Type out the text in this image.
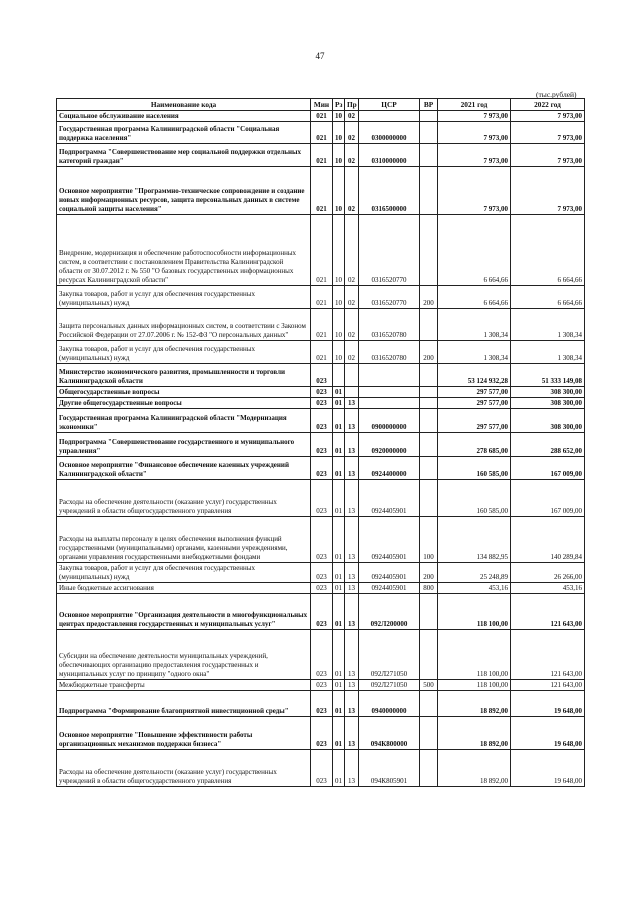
47
(тыс.рублей)
Наименование кода	Мин	Рз	Пр	ЦСР	ВР	2021 год	2022 год
Социальное обслуживание населения	021	10	02			7 973,00	7 973,00
Государственная программа Калининградской области "Социальная поддержка населения"	021	10	02	0300000000		7 973,00	7 973,00
Подпрограмма "Совершенствование мер социальной поддержки отдельных категорий граждан"	021	10	02	0310000000		7 973,00	7 973,00
Основное мероприятие "Программно-техническое сопровождение и создание новых информационных ресурсов, защита персональных данных в системе социальной защиты населения"	021	10	02	0316500000		7 973,00	7 973,00
Внедрение, модернизация и обеспечение работоспособности информационных систем, в соответствии с постановлением Правительства Калининградской области от 30.07.2012 г. № 550 "О базовых государственных информационных ресурсах Калининградской области"	021	10	02	0316520770		6 664,66	6 664,66
Закупка товаров, работ и услуг для обеспечения государственных (муниципальных) нужд	021	10	02	0316520770	200	6 664,66	6 664,66
Защита персональных данных информационных систем, в соответствии с Законом Российской Федерации от 27.07.2006 г. № 152-ФЗ "О персональных данных"	021	10	02	0316520780		1 308,34	1 308,34
Закупка товаров, работ и услуг для обеспечения государственных (муниципальных) нужд	021	10	02	0316520780	200	1 308,34	1 308,34
Министерство экономического развития, промышленности и торговли Калининградской области	023					53 124 932,28	51 333 149,08
Общегосударственные вопросы	023	01				297 577,00	308 300,00
Другие общегосударственные вопросы	023	01	13			297 577,00	308 300,00
Государственная программа Калининградской области "Модернизация экономики"	023	01	13	0900000000		297 577,00	308 300,00
Подпрограмма "Совершенствование государственного и муниципального управления"	023	01	13	0920000000		278 685,00	288 652,00
Основное мероприятие "Финансовое обеспечение казенных учреждений Калининградской области"	023	01	13	0924400000		160 585,00	167 009,00
Расходы на обеспечение деятельности (оказание услуг) государственных учреждений в области общегосударственного управления	023	01	13	0924405901		160 585,00	167 009,00
Расходы на выплаты персоналу в целях обеспечения выполнения функций государственными (муниципальными) органами, казенными учреждениями, органами управления государственными внебюджетными фондами	023	01	13	0924405901	100	134 882,95	140 289,84
Закупка товаров, работ и услуг для обеспечения государственных (муниципальных) нужд	023	01	13	0924405901	200	25 248,89	26 266,00
Иные бюджетные ассигнования	023	01	13	0924405901	800	453,16	453,16
Основное мероприятие "Организация деятельности в многофункциональных центрах предоставления государственных и муниципальных услуг"	023	01	13	092Л200000		118 100,00	121 643,00
Субсидии на обеспечение деятельности муниципальных учреждений, обеспечивающих организацию предоставления государственных и муниципальных услуг по принципу "одного окна"	023	01	13	092Л271050		118 100,00	121 643,00
Межбюджетные трансферты	023	01	13	092Л271050	500	118 100,00	121 643,00
Подпрограмма "Формирование благоприятной инвестиционной среды"	023	01	13	0940000000		18 892,00	19 648,00
Основное мероприятие "Повышение эффективности работы организационных механизмов поддержки бизнеса"	023	01	13	094К800000		18 892,00	19 648,00
Расходы на обеспечение деятельности (оказание услуг) государственных учреждений в области общегосударственного управления	023	01	13	094К805901		18 892,00	19 648,00
